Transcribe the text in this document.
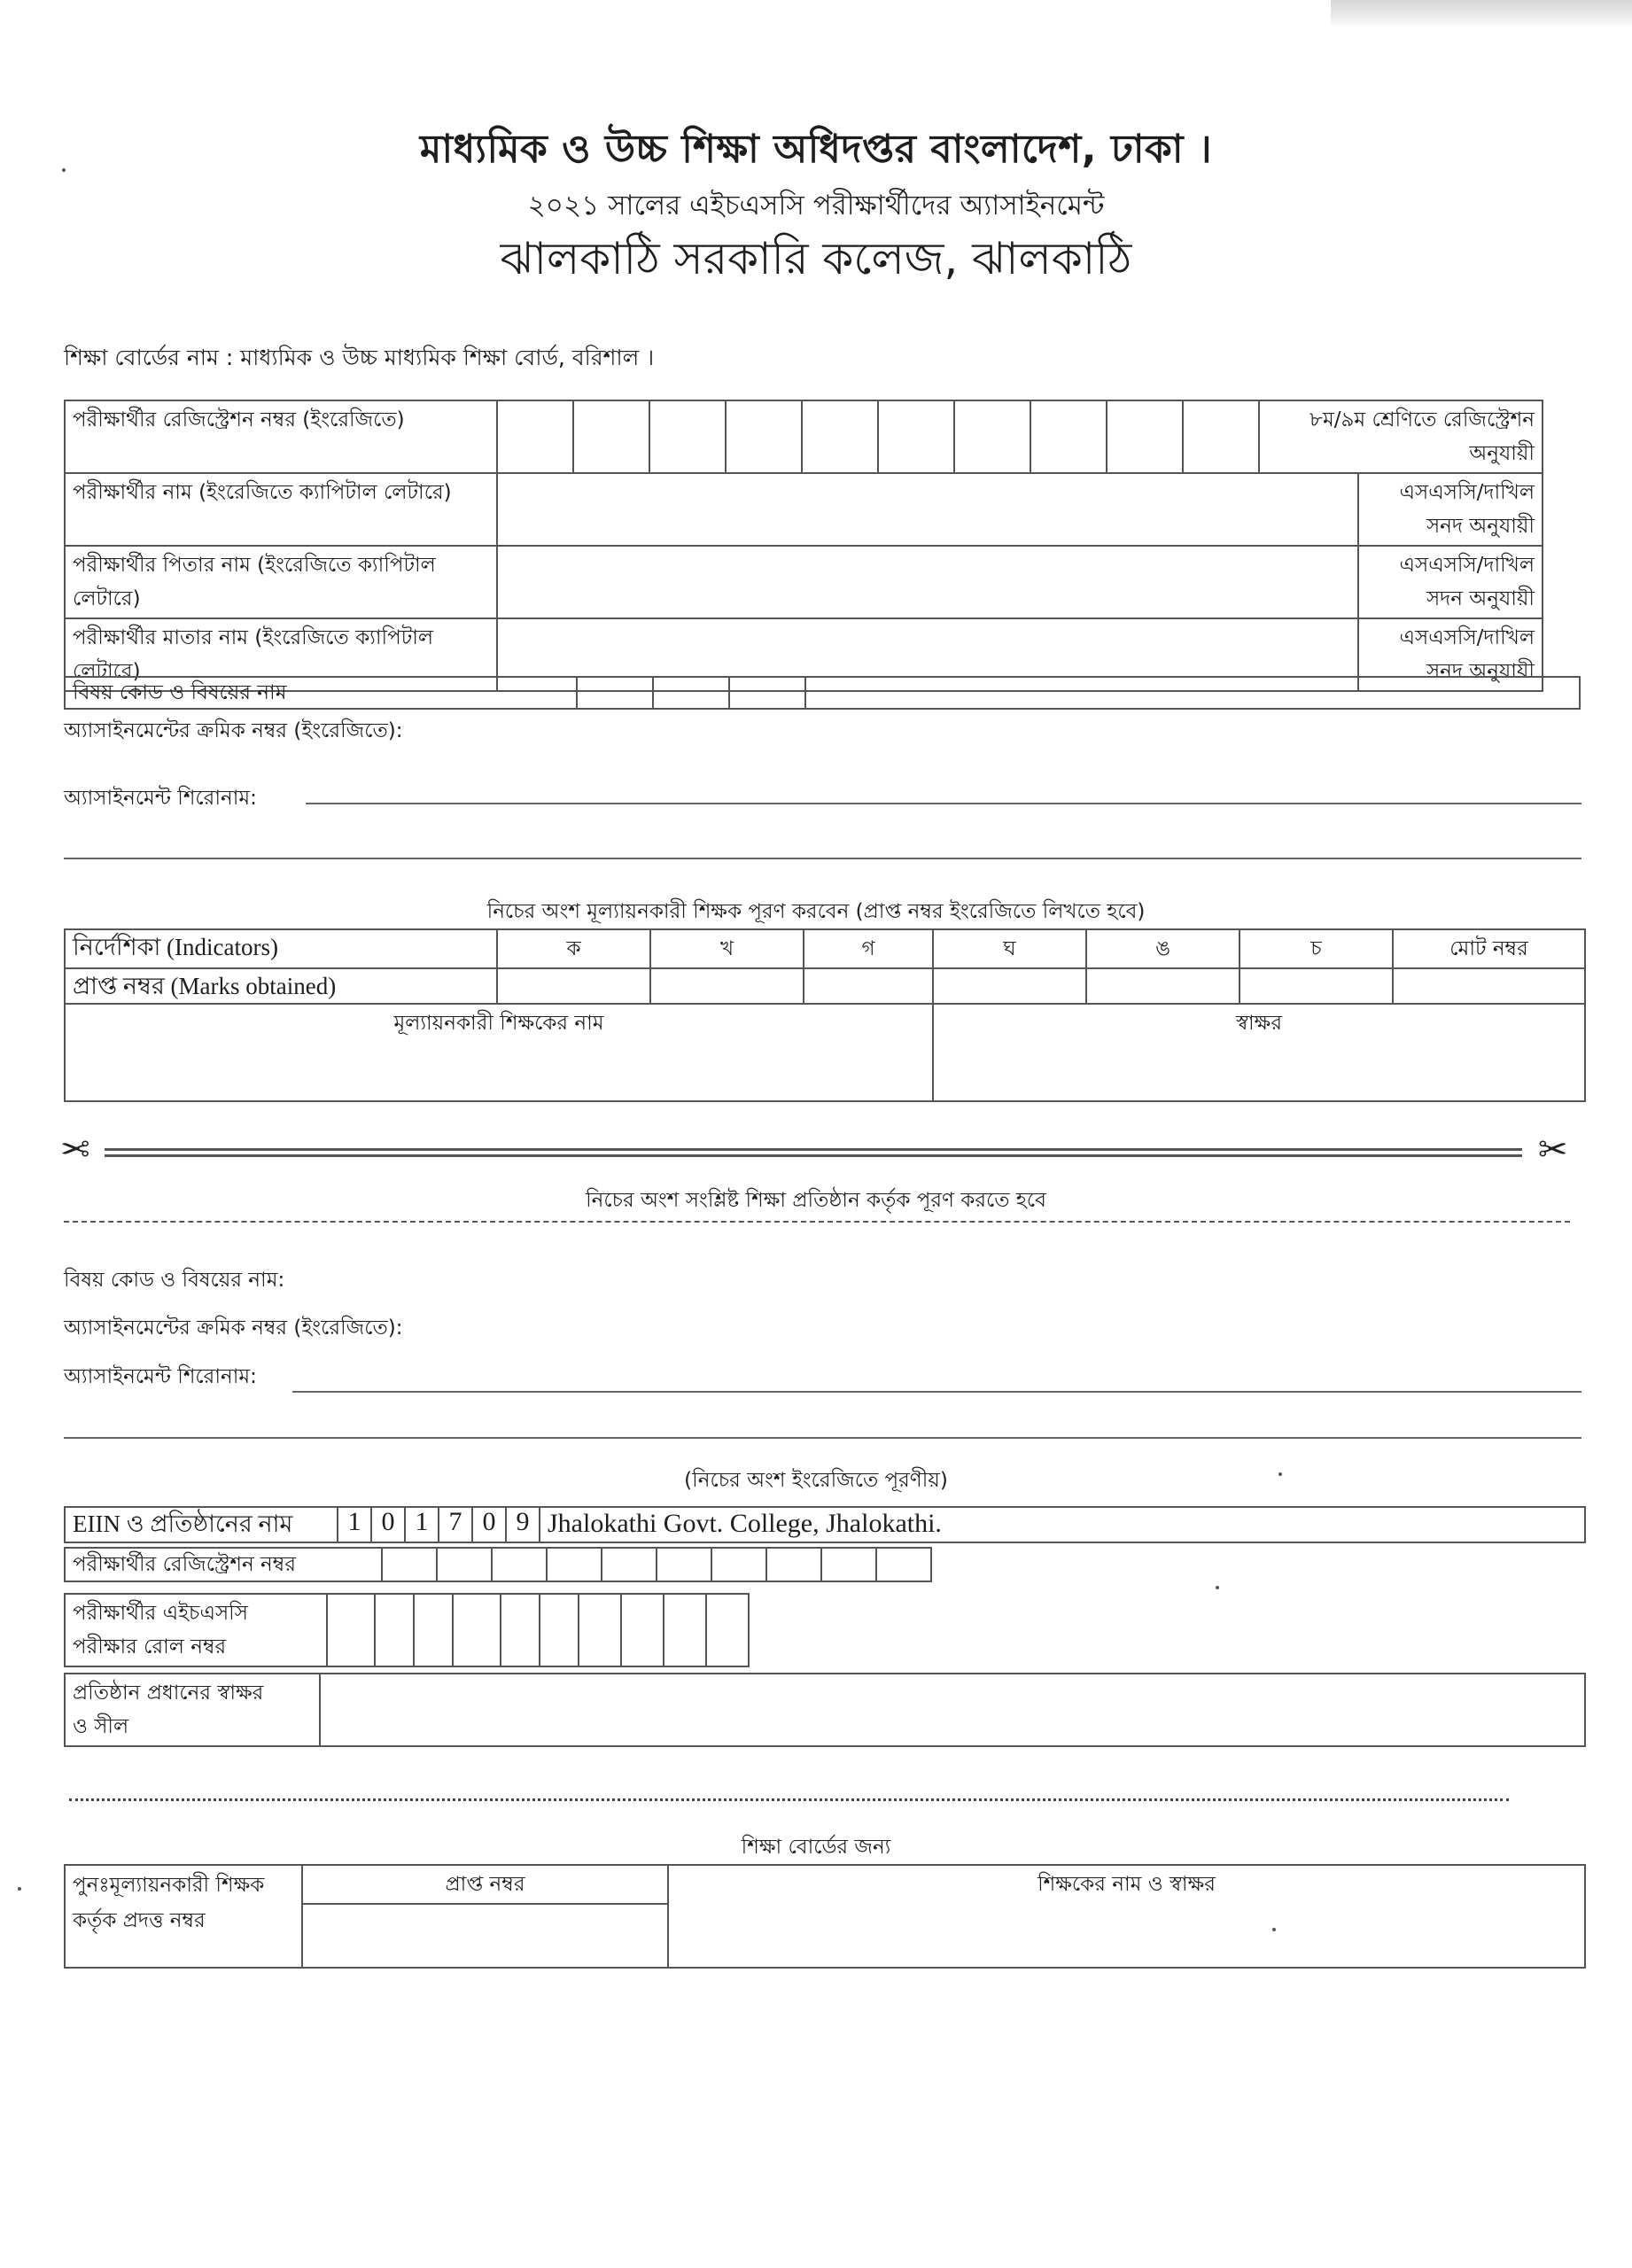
মাধ্যমিক ও উচ্চ শিক্ষা অধিদপ্তর বাংলাদেশ, ঢাকা ।
২০২১ সালের এইচএসসি পরীক্ষার্থীদের অ্যাসাইনমেন্ট
ঝালকাঠি সরকারি কলেজ, ঝালকাঠি
শিক্ষা বোর্ডের নাম : মাধ্যমিক ও উচ্চ মাধ্যমিক শিক্ষা বোর্ড, বরিশাল ।
পরীক্ষার্থীর রেজিস্ট্রেশন নম্বর (ইংরেজিতে)											৮ম/৯ম শ্রেণিতে রেজিস্ট্রেশন অনুযায়ী	
পরীক্ষার্থীর নাম (ইংরেজিতে ক্যাপিটাল লেটারে)												এসএসসি/দাখিল
সনদ অনুযায়ী

পরীক্ষার্থীর পিতার নাম (ইংরেজিতে ক্যাপিটাল লেটারে)												এসএসসি/দাখিল
সদন অনুযায়ী

পরীক্ষার্থীর মাতার নাম (ইংরেজিতে ক্যাপিটাল লেটারে)												এসএসসি/দাখিল
সনদ অনুযায়ী
বিষয় কোড ও বিষয়ের নাম				
অ্যাসাইনমেন্টের ক্রমিক নম্বর (ইংরেজিতে):
অ্যাসাইনমেন্ট শিরোনাম:
নিচের অংশ মূল্যায়নকারী শিক্ষক পূরণ করবেন (প্রাপ্ত নম্বর ইংরেজিতে লিখতে হবে)
নির্দেশিকা (Indicators)	ক	খ	গ	ঘ	ঙ	চ	মোট নম্বর
প্রাপ্ত নম্বর (Marks obtained)							
মূল্যায়নকারী শিক্ষকের নাম				স্বাক্ষর			
✂	✂
নিচের অংশ সংশ্লিষ্ট শিক্ষা প্রতিষ্ঠান কর্তৃক পূরণ করতে হবে
বিষয় কোড ও বিষয়ের নাম:
অ্যাসাইনমেন্টের ক্রমিক নম্বর (ইংরেজিতে):
অ্যাসাইনমেন্ট শিরোনাম:
(নিচের অংশ ইংরেজিতে পূরণীয়)
EIIN ও প্রতিষ্ঠানের নাম	1	0	1	7	0	9	Jhalokathi Govt. College, Jhalokathi.
পরীক্ষার্থীর রেজিস্ট্রেশন নম্বর										
পরীক্ষার্থীর এইচএসসি
পরীক্ষার রোল নম্বর

প্রতিষ্ঠান প্রধানের স্বাক্ষর
ও সীল

শিক্ষা বোর্ডের জন্য
পুনঃমূল্যায়নকারী শিক্ষক কর্তৃক প্রদত্ত নম্বর	প্রাপ্ত নম্বর	শিক্ষকের নাম ও স্বাক্ষর
